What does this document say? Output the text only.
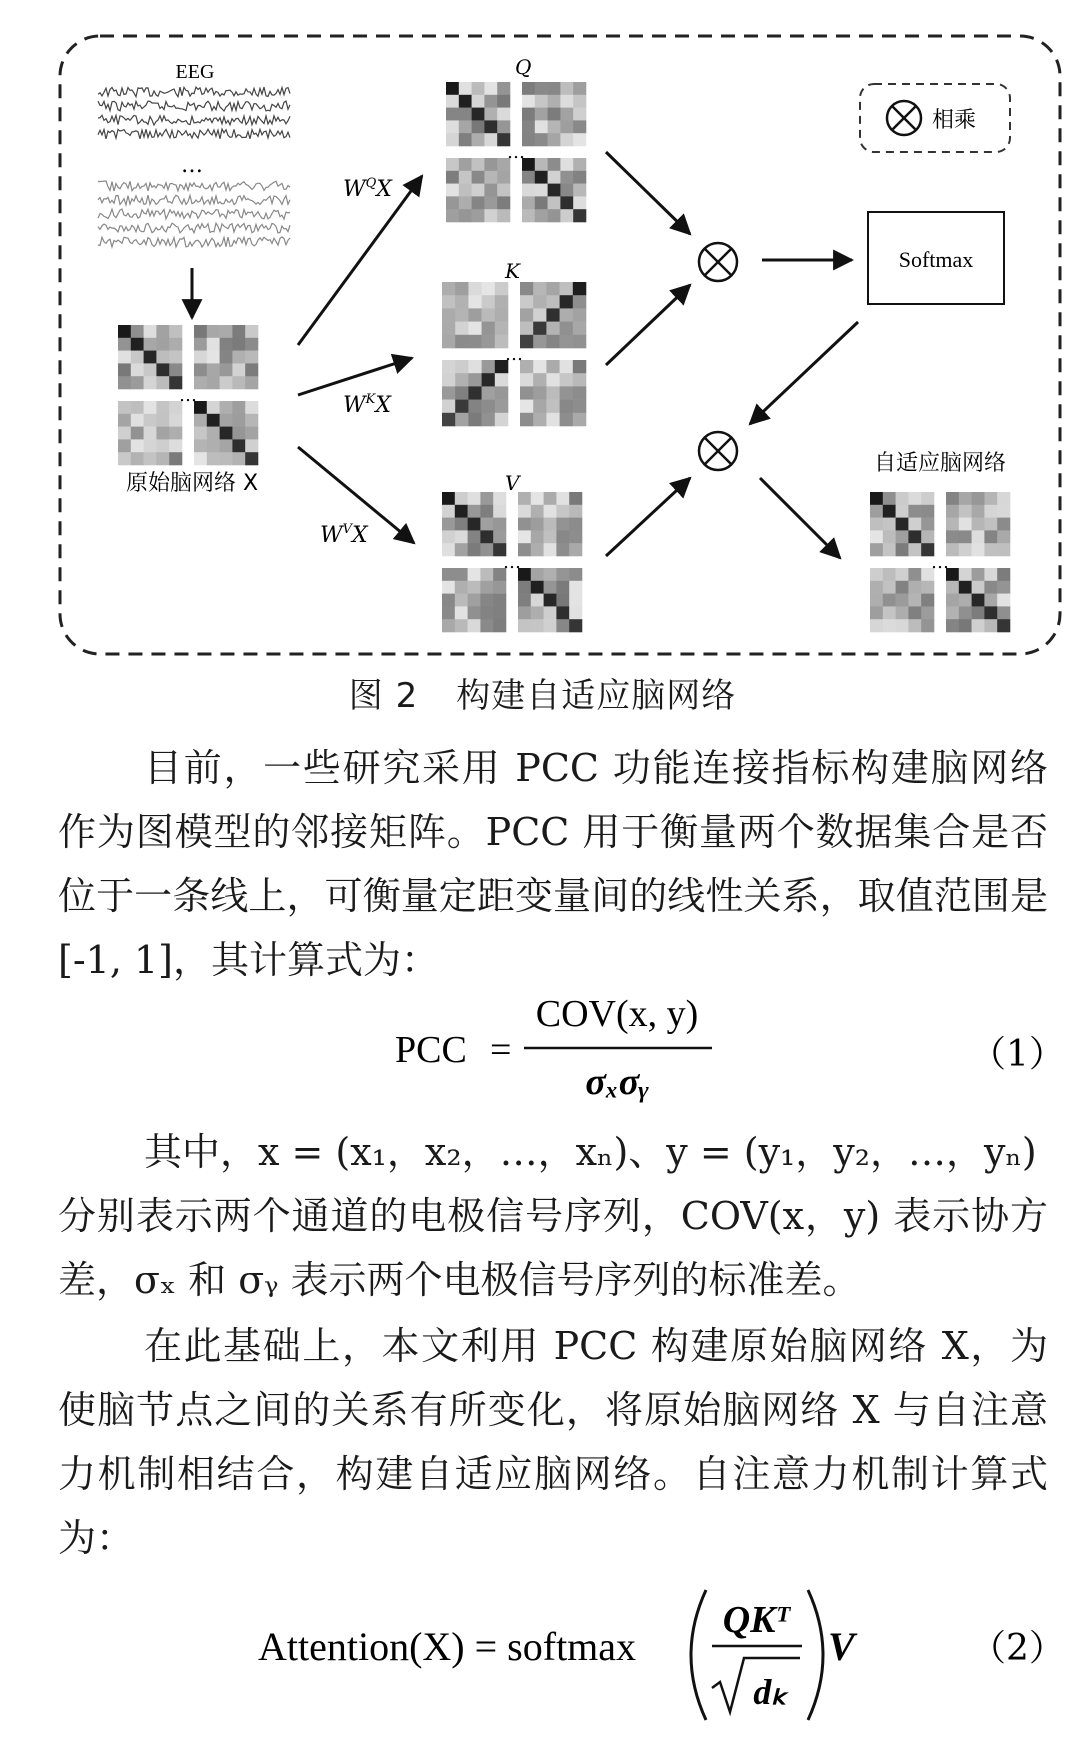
EEG
…
…
…
…
…	…
原始脑网络 X
Q
K
V
$W^QX$
$W^KX$
$W^VX$
Softmax
自适应脑网络
相乘
图 2 构建自适应脑网络
目前，一些研究采用 PCC 功能连接指标构建脑网络作为图模型的邻接矩阵。PCC 用于衡量两个数据集合是否位于一条线上，可衡量定距变量间的线性关系，取值范围是 [-1, 1]，其计算式为：
PCC =
COV(x, y)
σₓσᵧ
（1）
其中，x = (x₁，x₂，…，xₙ)、y = (y₁，y₂，…，yₙ)
分别表示两个通道的电极信号序列，COV(x，y) 表示协方差，σₓ 和 σᵧ 表示两个电极信号序列的标准差。
在此基础上，本文利用 PCC 构建原始脑网络 X，为使脑节点之间的关系有所变化，将原始脑网络 X 与自注意力机制相结合，构建自适应脑网络。自注意力机制计算式为：
Attention(X) = softmax
QKᵀ
dₖ
V	（2）
